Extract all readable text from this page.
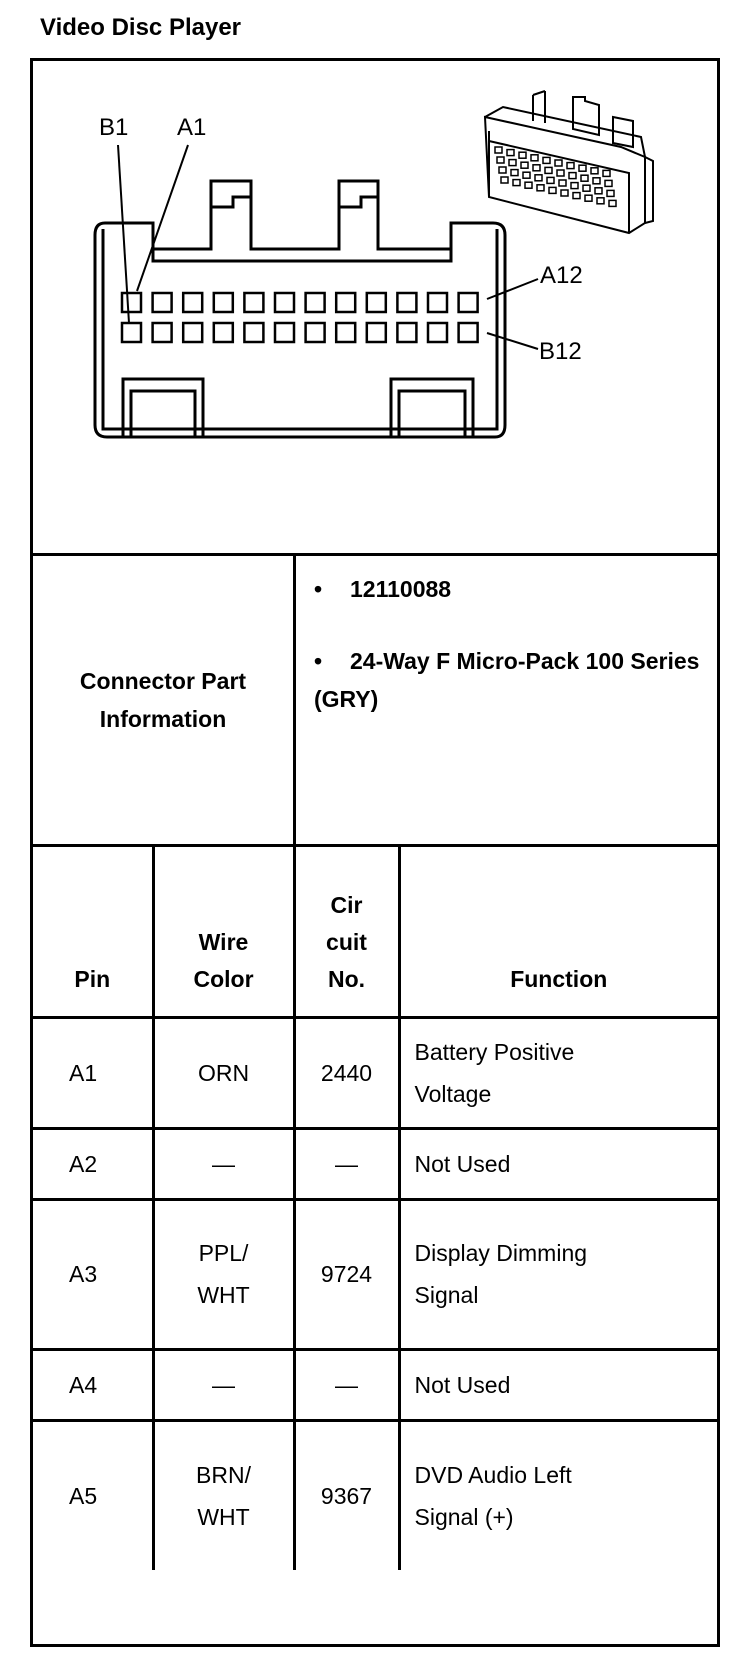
Video Disc Player
B1 A1
A12
B12
Connector Part Information
• 12110088
• 24-Way F Micro-Pack 100 Series (GRY)
Pin	Wire Color	Cir cuit No.	Function
A1	ORN	2440	Battery Positive Voltage

A2	—	—	Not Used
A3	PPL/ WHT	9724	Display Dimming Signal

A4	—	—	Not Used
A5	BRN/ WHT	9367	DVD Audio Left Signal (+)
